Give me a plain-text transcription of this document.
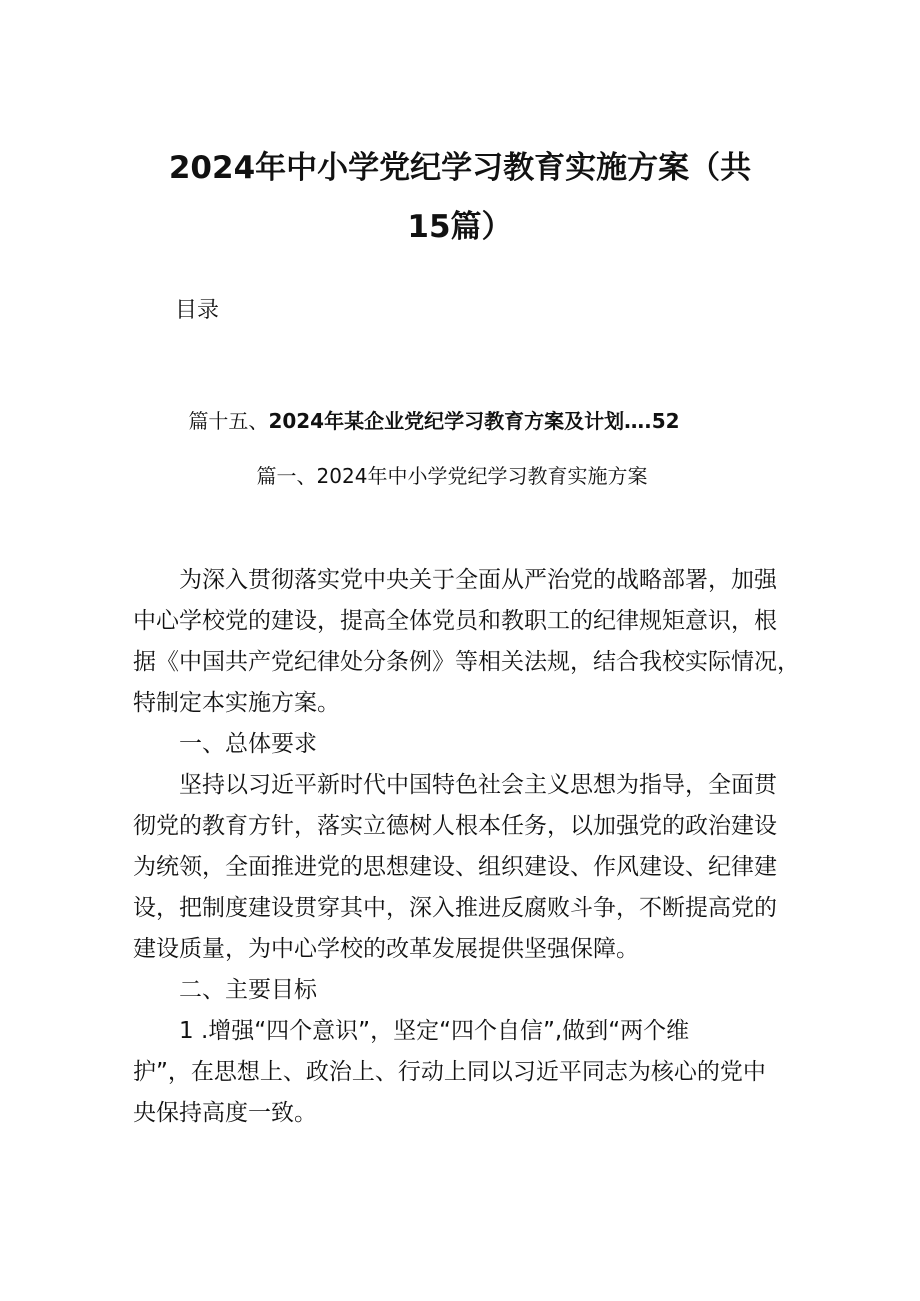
2024年中小学党纪学习教育实施方案（共
15篇）
目录
篇十五、2024年某企业党纪学习教育方案及计划….52
篇一、2024年中小学党纪学习教育实施方案
为深入贯彻落实党中央关于全面从严治党的战略部署，加强
中心学校党的建设，提高全体党员和教职工的纪律规矩意识，根
据《中国共产党纪律处分条例》等相关法规，结合我校实际情况，
特制定本实施方案。
一、总体要求
坚持以习近平新时代中国特色社会主义思想为指导，全面贯
彻党的教育方针，落实立德树人根本任务，以加强党的政治建设
为统领，全面推进党的思想建设、组织建设、作风建设、纪律建
设，把制度建设贯穿其中，深入推进反腐败斗争，不断提高党的
建设质量，为中心学校的改革发展提供坚强保障。
二、主要目标
1 .增强“四个意识”，坚定“四个自信”,做到“两个维
护”，在思想上、政治上、行动上同以习近平同志为核心的党中
央保持高度一致。
